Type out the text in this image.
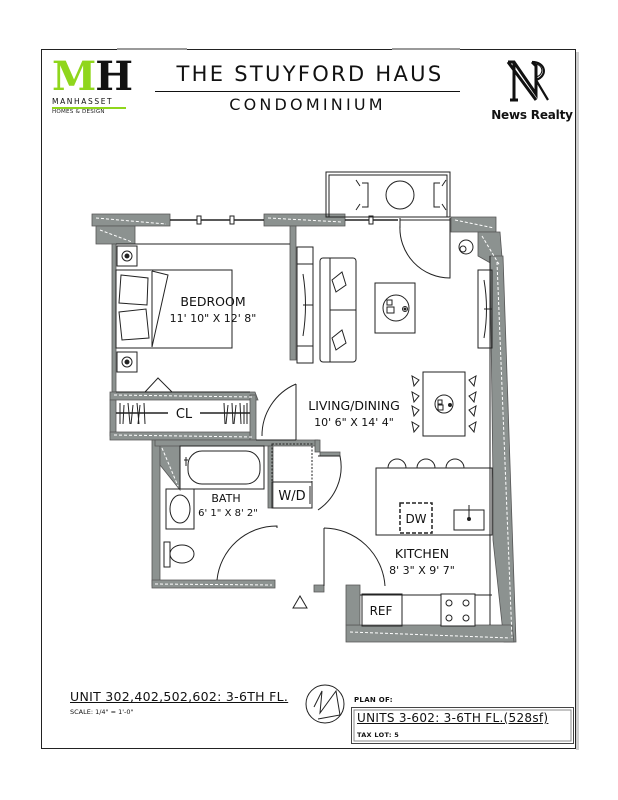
MH
MANHASSET
HOMES & DESIGN
THE STUYFORD HAUS
CONDOMINIUM
News Realty
BEDROOM
11' 10" X 12' 8"
LIVING/DINING
10' 6" X 14' 4"
BATH
6' 1" X 8' 2"
KITCHEN
8' 3" X 9' 7"
CL
W/D
DW
REF
UNIT 302,402,502,602: 3-6TH FL.
SCALE: 1/4" = 1'-0"
PLAN OF:
UNITS 3-602: 3-6TH FL.(528sf)
TAX LOT: 5
